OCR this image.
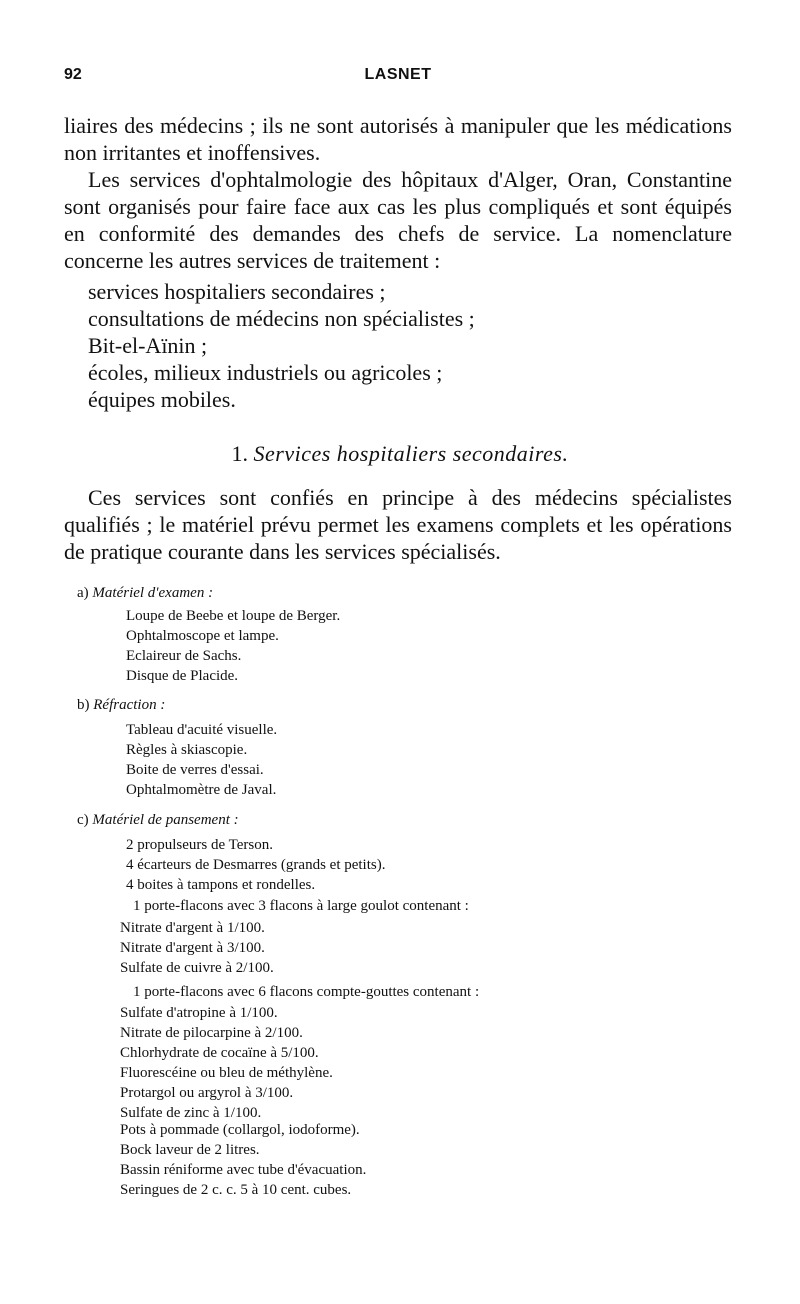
92	LASNET

liaires des médecins ; ils ne sont autorisés à manipuler que les médications non irritantes et inoffensives.

Les services d'ophtalmologie des hôpitaux d'Alger, Oran, Constantine sont organisés pour faire face aux cas les plus compliqués et sont équipés en conformité des demandes des chefs de service. La nomenclature concerne les autres services de traitement :

services hospitaliers secondaires ;
consultations de médecins non spécialistes ;
Bit-el-Aïnin ;
écoles, milieux industriels ou agricoles ;
équipes mobiles.
1. Services hospitaliers secondaires.

Ces services sont confiés en principe à des médecins spécialistes qualifiés ; le matériel prévu permet les examens complets et les opérations de pratique courante dans les services spécialisés.

a) Matériel d'examen :
Loupe de Beebe et loupe de Berger.
Ophtalmoscope et lampe.
Eclaireur de Sachs.
Disque de Placide.
b) Réfraction :
Tableau d'acuité visuelle.
Règles à skiascopie.
Boite de verres d'essai.
Ophtalmomètre de Javal.
c) Matériel de pansement :
2 propulseurs de Terson.
4 écarteurs de Desmarres (grands et petits).
4 boites à tampons et rondelles.
1 porte-flacons avec 3 flacons à large goulot contenant :
Nitrate d'argent à 1/100.
Nitrate d'argent à 3/100.
Sulfate de cuivre à 2/100.
1 porte-flacons avec 6 flacons compte-gouttes contenant :
Sulfate d'atropine à 1/100.
Nitrate de pilocarpine à 2/100.
Chlorhydrate de cocaïne à 5/100.
Fluorescéine ou bleu de méthylène.
Protargol ou argyrol à 3/100.
Sulfate de zinc à 1/100.
Pots à pommade (collargol, iodoforme).
Bock laveur de 2 litres.
Bassin réniforme avec tube d'évacuation.
Seringues de 2 c. c. 5 à 10 cent. cubes.
